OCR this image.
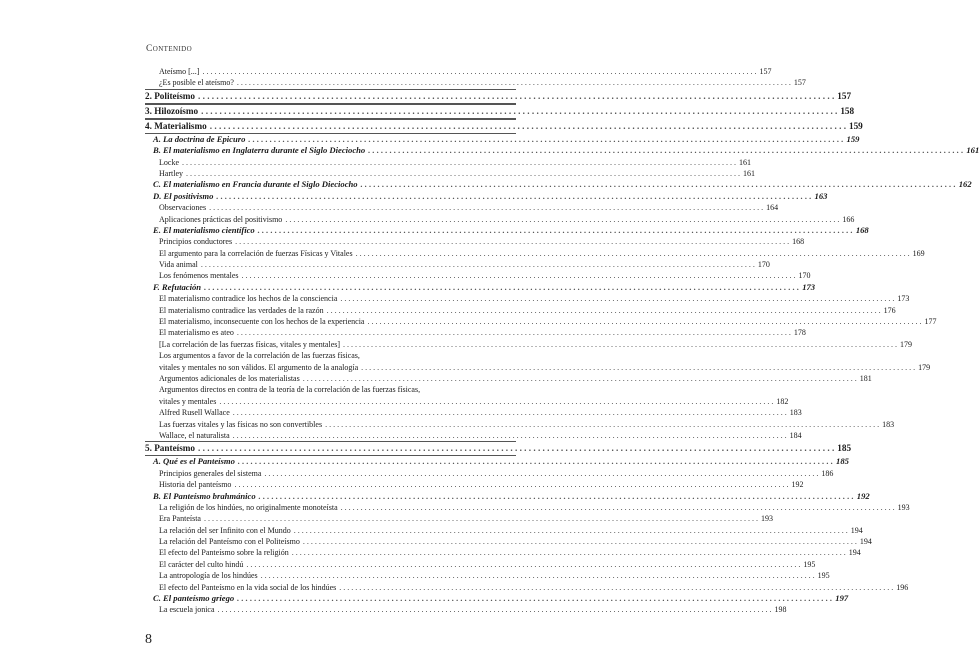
Contenido
Ateísmo [...] . . .	157
¿Es posible el ateísmo? . . .	157
2. Politeísmo . . .	157
3. Hilozoísmo . . .	158
4. Materialismo . . .	159
A. La doctrina de Epicuro . . .	159
B. El materialismo en Inglaterra durante el Siglo Dieciocho . . .	161
Locke . . .	161
Hartley . . .	161
C. El materialismo en Francia durante el Siglo Dieciocho . . .	162
D. El positivismo . . .	163
Observaciones . . .	164
Aplicaciones prácticas del positivismo . . .	166
E. El materialismo científico . . .	168
Principios conductores . . .	168
El argumento para la correlación de fuerzas Físicas y Vitales . . .	169
Vida animal . . .	170
Los fenómenos mentales . . .	170
F. Refutación . . .	173
El materialismo contradice los hechos de la consciencia . . .	173
El materialismo contradice las verdades de la razón . . .	176
El materialismo, inconsecuente con los hechos de la experiencia . . .	177
El materialismo es ateo . . .	178
[La correlación de las fuerzas físicas, vitales y mentales] . . .	179
Los argumentos a favor de la correlación de las fuerzas físicas,
vitales y mentales no son válidos. El argumento de la analogía . . .	179
Argumentos adicionales de los materialistas . . .	181
Argumentos directos en contra de la teoría de la correlación de las fuerzas físicas,
vitales y mentales . . .	182
Alfred Rusell Wallace . . .	183
Las fuerzas vitales y las físicas no son convertibles . . .	183
Wallace, el naturalista . . .	184
5. Panteísmo . . .	185
A. Qué es el Panteísmo . . .	185
Principios generales del sistema . . .	186
Historia del panteísmo . . .	192
B. El Panteísmo brahmánico . . .	192
La religión de los hindúes, no originalmente monoteísta . . .	193
Era Panteísta . . .	193
La relación del ser Infinito con el Mundo . . .	194
La relación del Panteísmo con el Politeísmo . . .	194
El efecto del Panteísmo sobre la religión . . .	194
El carácter del culto hindú . . .	195
La antropología de los hindúes . . .	195
El efecto del Panteísmo en la vida social de los hindúes . . .	196
C. El panteísmo griego . . .	197
La escuela jonica . . .	198
8
